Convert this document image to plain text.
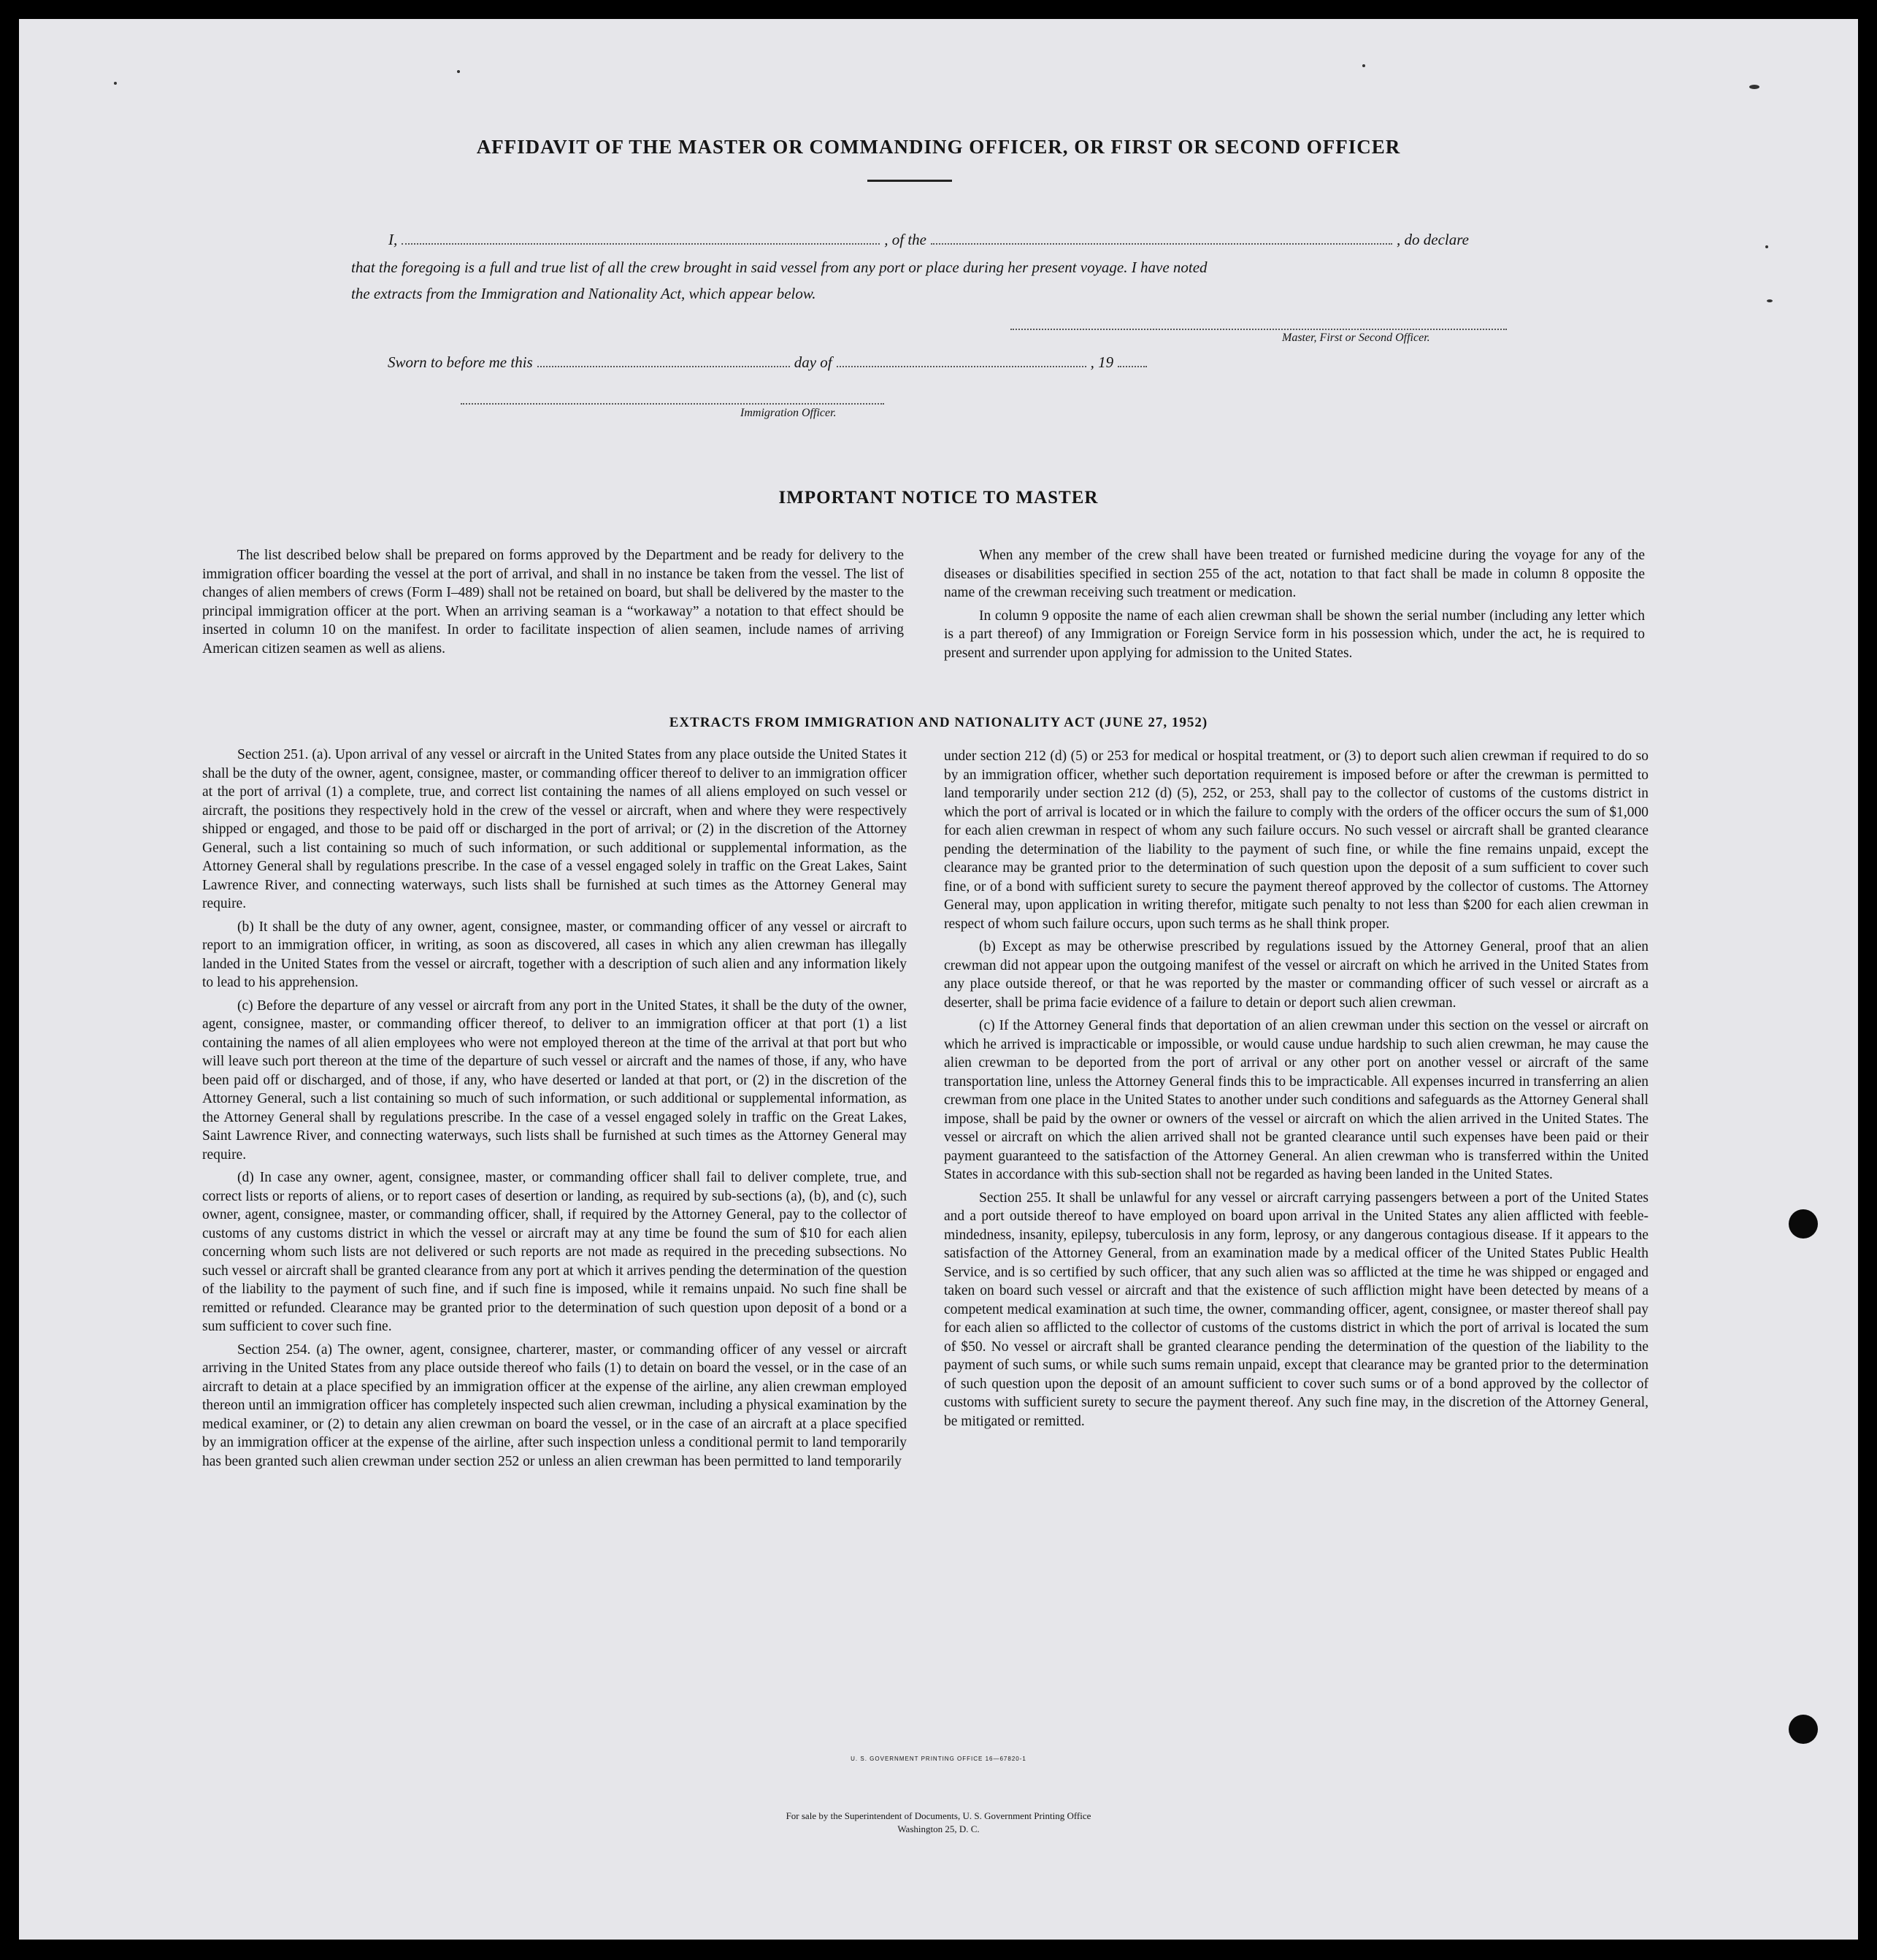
AFFIDAVIT OF THE MASTER OR COMMANDING OFFICER, OR FIRST OR SECOND OFFICER
I,	, of the	, do declare
that the foregoing is a full and true list of all the crew brought in said vessel from any port or place during her present voyage. I have noted
the extracts from the Immigration and Nationality Act, which appear below.
Master, First or Second Officer.
Sworn to before me this	day of	, 19
Immigration Officer.
IMPORTANT NOTICE TO MASTER

The list described below shall be prepared on forms approved by the Department and be ready for delivery to the immigration officer boarding the vessel at the port of arrival, and shall in no instance be taken from the vessel. The list of changes of alien members of crews (Form I–489) shall not be retained on board, but shall be delivered by the master to the principal immigration officer at the port. When an arriving seaman is a “workaway” a notation to that effect should be inserted in column 10 on the manifest. In order to facilitate inspection of alien seamen, include names of arriving American citizen seamen as well as aliens.

When any member of the crew shall have been treated or furnished medicine during the voyage for any of the diseases or disabilities specified in section 255 of the act, notation to that fact shall be made in column 8 opposite the name of the crewman receiving such treatment or medication.

In column 9 opposite the name of each alien crewman shall be shown the serial number (including any letter which is a part thereof) of any Immigration or Foreign Service form in his possession which, under the act, he is required to present and surrender upon applying for admission to the United States.

EXTRACTS FROM IMMIGRATION AND NATIONALITY ACT (JUNE 27, 1952)

Section 251. (a). Upon arrival of any vessel or aircraft in the United States from any place outside the United States it shall be the duty of the owner, agent, consignee, master, or commanding officer thereof to deliver to an immigration officer at the port of arrival (1) a complete, true, and correct list containing the names of all aliens employed on such vessel or aircraft, the positions they respectively hold in the crew of the vessel or aircraft, when and where they were respectively shipped or engaged, and those to be paid off or discharged in the port of arrival; or (2) in the discretion of the Attorney General, such a list containing so much of such information, or such additional or supplemental information, as the Attorney General shall by regulations prescribe. In the case of a vessel engaged solely in traffic on the Great Lakes, Saint Lawrence River, and connecting waterways, such lists shall be furnished at such times as the Attorney General may require.

(b) It shall be the duty of any owner, agent, consignee, master, or commanding officer of any vessel or aircraft to report to an immigration officer, in writing, as soon as discovered, all cases in which any alien crewman has illegally landed in the United States from the vessel or aircraft, together with a description of such alien and any information likely to lead to his apprehension.

(c) Before the departure of any vessel or aircraft from any port in the United States, it shall be the duty of the owner, agent, consignee, master, or commanding officer thereof, to deliver to an immigration officer at that port (1) a list containing the names of all alien employees who were not employed thereon at the time of the arrival at that port but who will leave such port thereon at the time of the departure of such vessel or aircraft and the names of those, if any, who have been paid off or discharged, and of those, if any, who have deserted or landed at that port, or (2) in the discretion of the Attorney General, such a list containing so much of such information, or such additional or supplemental information, as the Attorney General shall by regulations prescribe. In the case of a vessel engaged solely in traffic on the Great Lakes, Saint Lawrence River, and connecting waterways, such lists shall be furnished at such times as the Attorney General may require.

(d) In case any owner, agent, consignee, master, or commanding officer shall fail to deliver complete, true, and correct lists or reports of aliens, or to report cases of desertion or landing, as required by sub-sections (a), (b), and (c), such owner, agent, consignee, master, or commanding officer, shall, if required by the Attorney General, pay to the collector of customs of any customs district in which the vessel or aircraft may at any time be found the sum of $10 for each alien concerning whom such lists are not delivered or such reports are not made as required in the preceding subsections. No such vessel or aircraft shall be granted clearance from any port at which it arrives pending the determination of the question of the liability to the payment of such fine, and if such fine is imposed, while it remains unpaid. No such fine shall be remitted or refunded. Clearance may be granted prior to the determination of such question upon deposit of a bond or a sum sufficient to cover such fine.

Section 254. (a) The owner, agent, consignee, charterer, master, or commanding officer of any vessel or aircraft arriving in the United States from any place outside thereof who fails (1) to detain on board the vessel, or in the case of an aircraft to detain at a place specified by an immigration officer at the expense of the airline, any alien crewman employed thereon until an immigration officer has completely inspected such alien crewman, including a physical examination by the medical examiner, or (2) to detain any alien crewman on board the vessel, or in the case of an aircraft at a place specified by an immigration officer at the expense of the airline, after such inspection unless a conditional permit to land temporarily has been granted such alien crewman under section 252 or unless an alien crewman has been permitted to land temporarily

under section 212 (d) (5) or 253 for medical or hospital treatment, or (3) to deport such alien crewman if required to do so by an immigration officer, whether such deportation requirement is imposed before or after the crewman is permitted to land temporarily under section 212 (d) (5), 252, or 253, shall pay to the collector of customs of the customs district in which the port of arrival is located or in which the failure to comply with the orders of the officer occurs the sum of $1,000 for each alien crewman in respect of whom any such failure occurs. No such vessel or aircraft shall be granted clearance pending the determination of the liability to the payment of such fine, or while the fine remains unpaid, except the clearance may be granted prior to the determination of such question upon the deposit of a sum sufficient to cover such fine, or of a bond with sufficient surety to secure the payment thereof approved by the collector of customs. The Attorney General may, upon application in writing therefor, mitigate such penalty to not less than $200 for each alien crewman in respect of whom such failure occurs, upon such terms as he shall think proper.

(b) Except as may be otherwise prescribed by regulations issued by the Attorney General, proof that an alien crewman did not appear upon the outgoing manifest of the vessel or aircraft on which he arrived in the United States from any place outside thereof, or that he was reported by the master or commanding officer of such vessel or aircraft as a deserter, shall be prima facie evidence of a failure to detain or deport such alien crewman.

(c) If the Attorney General finds that deportation of an alien crewman under this section on the vessel or aircraft on which he arrived is impracticable or impossible, or would cause undue hardship to such alien crewman, he may cause the alien crewman to be deported from the port of arrival or any other port on another vessel or aircraft of the same transportation line, unless the Attorney General finds this to be impracticable. All expenses incurred in transferring an alien crewman from one place in the United States to another under such conditions and safeguards as the Attorney General shall impose, shall be paid by the owner or owners of the vessel or aircraft on which the alien arrived in the United States. The vessel or aircraft on which the alien arrived shall not be granted clearance until such expenses have been paid or their payment guaranteed to the satisfaction of the Attorney General. An alien crewman who is transferred within the United States in accordance with this sub-section shall not be regarded as having been landed in the United States.

Section 255. It shall be unlawful for any vessel or aircraft carrying passengers between a port of the United States and a port outside thereof to have employed on board upon arrival in the United States any alien afflicted with feeble-mindedness, insanity, epilepsy, tuberculosis in any form, leprosy, or any dangerous contagious disease. If it appears to the satisfaction of the Attorney General, from an examination made by a medical officer of the United States Public Health Service, and is so certified by such officer, that any such alien was so afflicted at the time he was shipped or engaged and taken on board such vessel or aircraft and that the existence of such affliction might have been detected by means of a competent medical examination at such time, the owner, commanding officer, agent, consignee, or master thereof shall pay for each alien so afflicted to the collector of customs of the customs district in which the port of arrival is located the sum of $50. No vessel or aircraft shall be granted clearance pending the determination of the question of the liability to the payment of such sums, or while such sums remain unpaid, except that clearance may be granted prior to the determination of such question upon the deposit of an amount sufficient to cover such sums or of a bond approved by the collector of customs with sufficient surety to secure the payment thereof. Any such fine may, in the discretion of the Attorney General, be mitigated or remitted.

U. S. GOVERNMENT PRINTING OFFICE 16—67820-1
For sale by the Superintendent of Documents, U. S. Government Printing Office
Washington 25, D. C.
